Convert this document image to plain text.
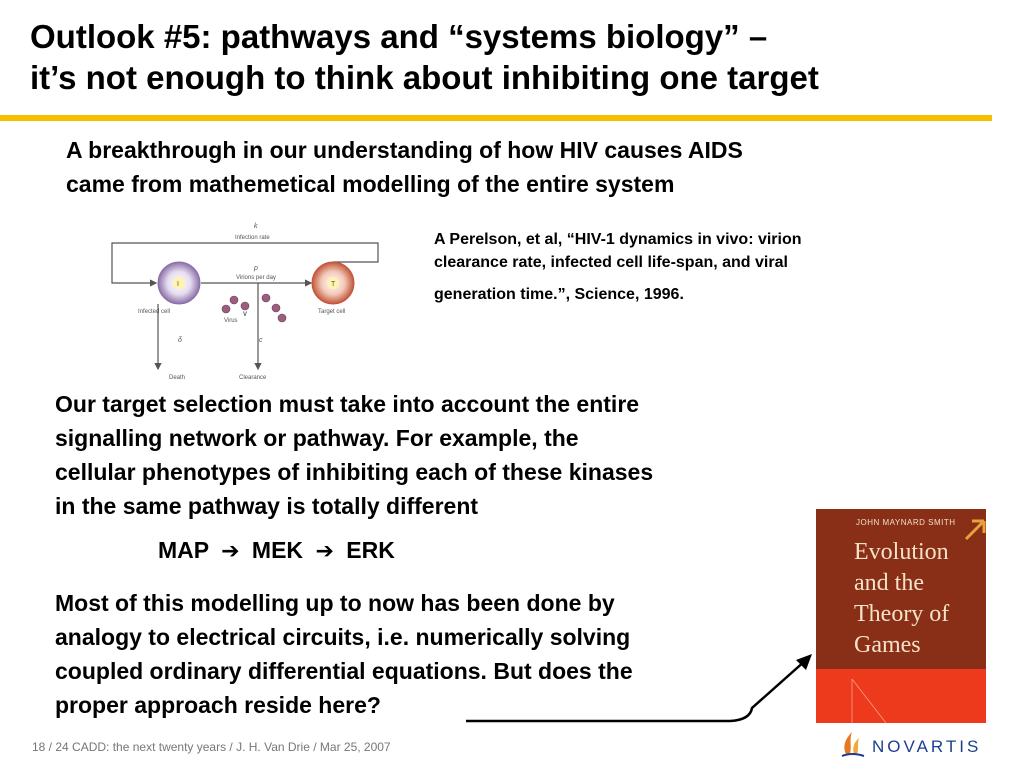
Outlook #5: pathways and “systems biology” –
it’s not enough to think about inhibiting one target
A breakthrough in our understanding of how HIV causes AIDS
came from mathemetical modelling of the entire system
k
Infection rate
I	T
p
Virions per day
Virus
V
Infected cell	Target cell
δ	c
Death	Clearance
A Perelson, et al, “HIV-1 dynamics in vivo: virion
clearance rate, infected cell life-span, and viral
generation time.”, Science, 1996.
Our target selection must take into account the entire
signalling network or pathway. For example, the
cellular phenotypes of inhibiting each of these kinases
in the same pathway is totally different
MAP ➔ MEK ➔ ERK
Most of this modelling up to now has been done by
analogy to electrical circuits, i.e. numerically solving
coupled ordinary differential equations. But does the
proper approach reside here?
JOHN MAYNARD SMITH
Evolution
and the
Theory of
Games
18 / 24 CADD: the next twenty years / J. H. Van Drie / Mar 25, 2007	NOVARTIS
